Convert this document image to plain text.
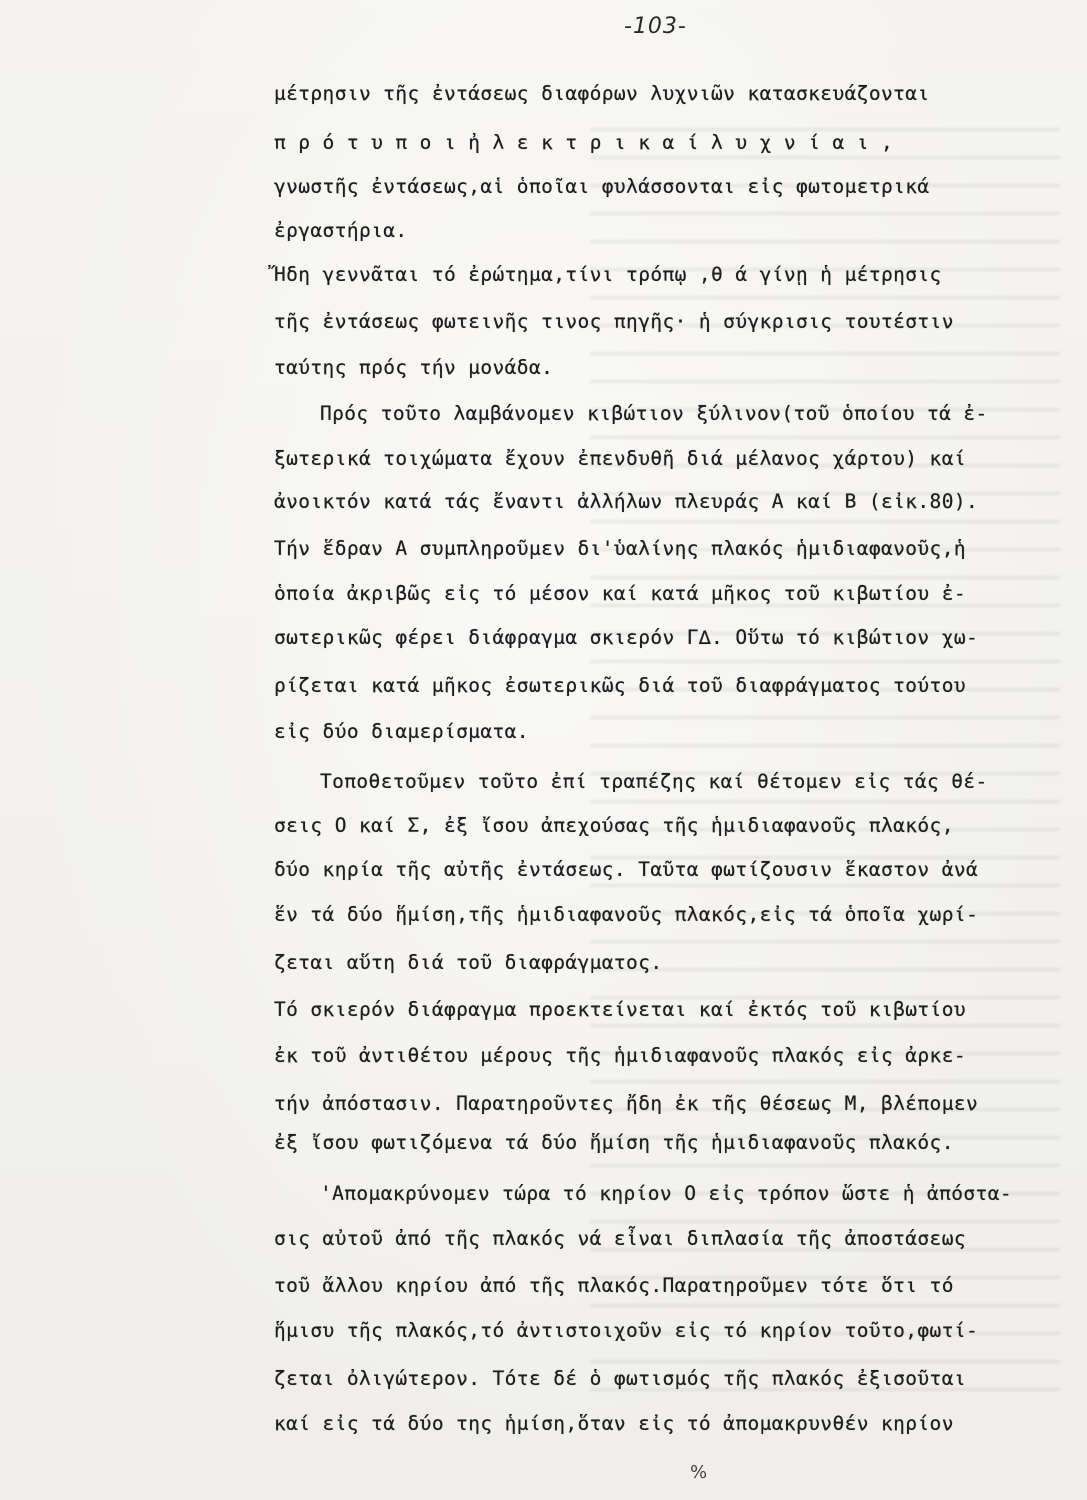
-103-
μέτρησιν τῆς ἐντάσεως διαφόρων λυχνιῶν κατασκευάζονται
π ρ ό τ υ π ο ι ἠ λ ε κ τ ρ ι κ α ί λ υ χ ν ί α ι ,
γνωστῆς ἐντάσεως,αἱ ὁποῖαι φυλάσσονται εἰς φωτομετρικά
ἐργαστήρια.
Ἤδη γεννᾶται τό ἐρώτημα,τίνι τρόπῳ ,θ ά γίνῃ ἡ μέτρησις
τῆς ἐντάσεως φωτεινῆς τινος πηγῆς· ἡ σύγκρισις τουτέστιν
ταύτης πρός τήν μονάδα.
Πρός τοῦτο λαμβάνομεν κιβώτιον ξύλινον(τοῦ ὁποίου τά ἐ-
ξωτερικά τοιχώματα ἔχουν ἐπενδυθῆ διά μέλανος χάρτου) καί
ἀνοικτόν κατά τάς ἔναντι ἀλλήλων πλευράς Α καί Β (εἰκ.80).
Τήν ἕδραν Α συμπληροῦμεν δι'ὑαλίνης πλακός ἡμιδιαφανοῦς,ἡ
ὁποία ἀκριβῶς εἰς τό μέσον καί κατά μῆκος τοῦ κιβωτίου ἐ-
σωτερικῶς φέρει διάφραγμα σκιερόν Γ∆. Οὕτω τό κιβώτιον χω-
ρίζεται κατά μῆκος ἐσωτερικῶς διά τοῦ διαφράγματος τούτου
εἰς δύο διαμερίσματα.
Τοποθετοῦμεν τοῦτο ἐπί τραπέζης καί θέτομεν εἰς τάς θέ-
σεις Ο καί Σ, ἐξ ἴσου ἀπεχούσας τῆς ἡμιδιαφανοῦς πλακός,
δύο κηρία τῆς αὐτῆς ἐντάσεως. Ταῦτα φωτίζουσιν ἕκαστον ἀνά
ἕν τά δύο ἥμίση,τῆς ἡμιδιαφανοῦς πλακός,εἰς τά ὁποῖα χωρί-
ζεται αὕτη διά τοῦ διαφράγματος.
Τό σκιερόν διάφραγμα προεκτείνεται καί ἐκτός τοῦ κιβωτίου
ἐκ τοῦ ἀντιθέτου μέρους τῆς ἡμιδιαφανοῦς πλακός εἰς ἀρκε-
τήν ἀπόστασιν. Παρατηροῦντες ἤδη ἐκ τῆς θέσεως Μ, βλέπομεν
ἐξ ἴσου φωτιζόμενα τά δύο ἥμίση τῆς ἡμιδιαφανοῦς πλακός.
'Απομακρύνομεν τώρα τό κηρίον Ο εἰς τρόπον ὥστε ἡ ἀπόστα-
σις αὐτοῦ ἀπό τῆς πλακός νά εἶναι διπλασία τῆς ἀποστάσεως
τοῦ ἄλλου κηρίου ἀπό τῆς πλακός.Παρατηροῦμεν τότε ὅτι τό
ἥμισυ τῆς πλακός,τό ἀντιστοιχοῦν εἰς τό κηρίον τοῦτο,φωτί-
ζεται ὀλιγώτερον. Τότε δέ ὁ φωτισμός τῆς πλακός ἐξισοῦται
καί εἰς τά δύο της ἡμίση,ὅταν εἰς τό ἀπομακρυνθέν κηρίον
%
